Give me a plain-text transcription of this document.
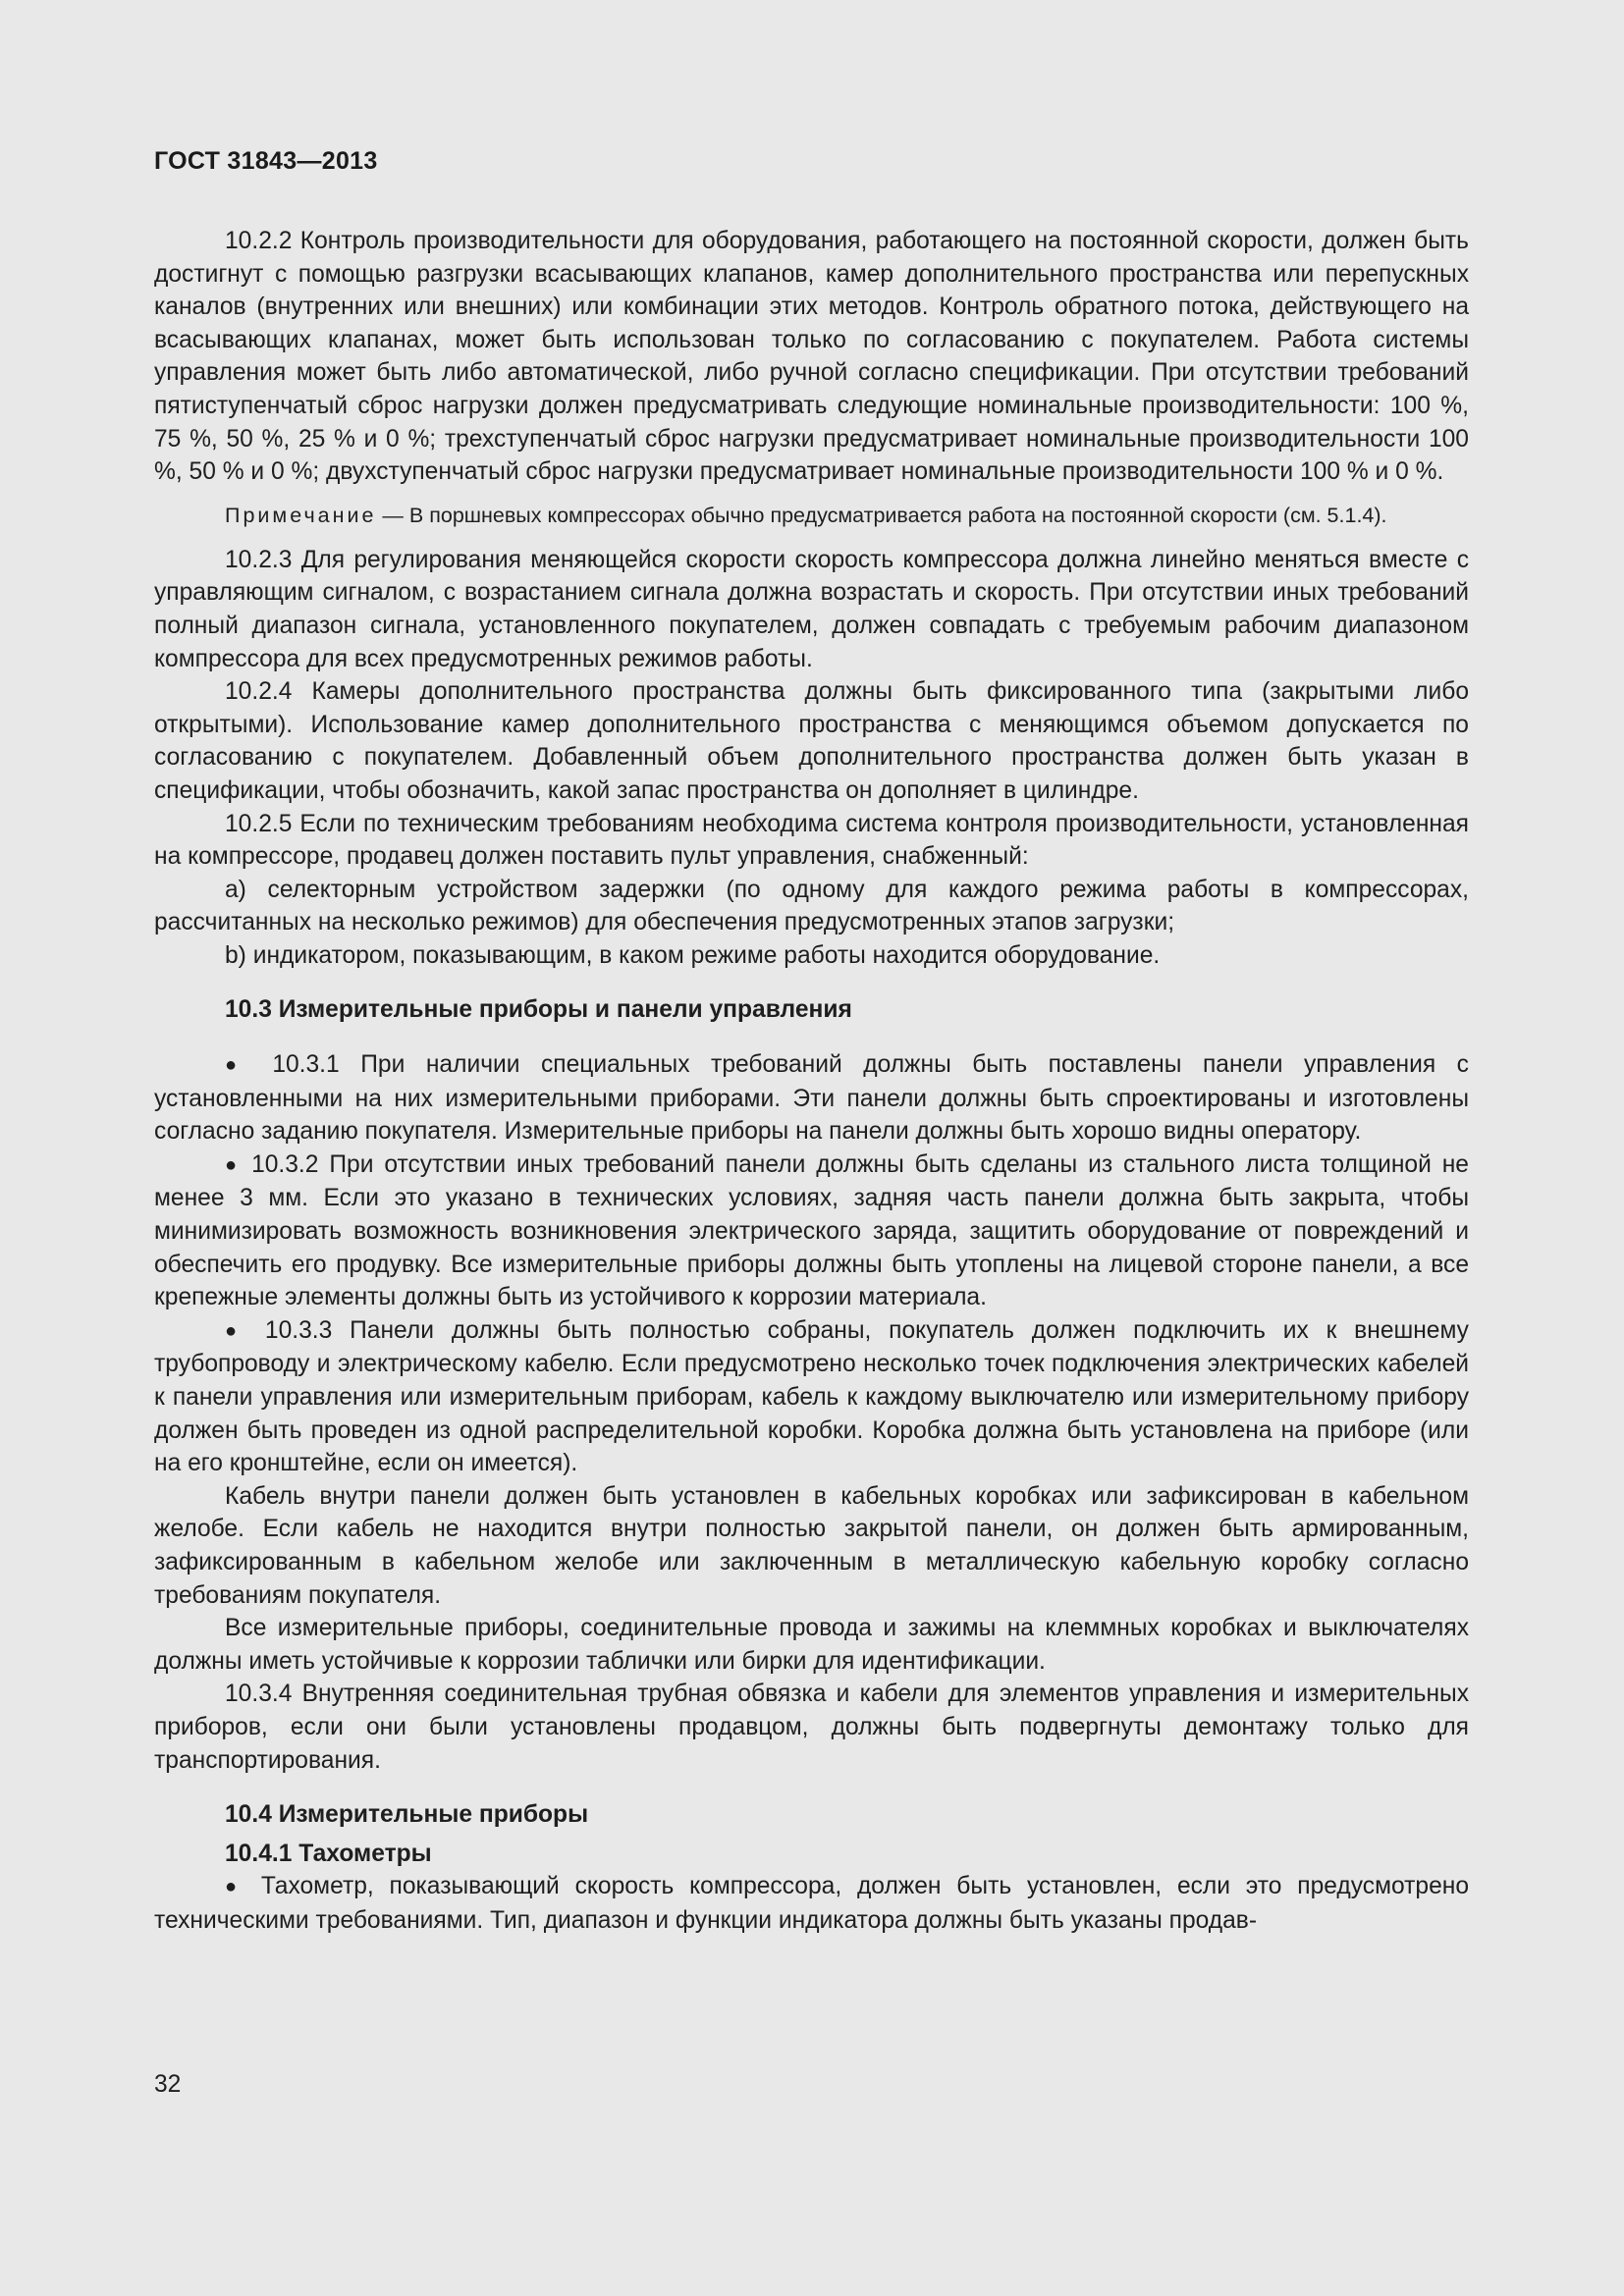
ГОСТ 31843—2013

10.2.2 Контроль производительности для оборудования, работающего на постоянной скорости, должен быть достигнут с помощью разгрузки всасывающих клапанов, камер дополнительного пространства или перепускных каналов (внутренних или внешних) или комбинации этих методов. Контроль обратного потока, действующего на всасывающих клапанах, может быть использован только по согласованию с покупателем. Работа системы управления может быть либо автоматической, либо ручной согласно спецификации. При отсутствии требований пятиступенчатый сброс нагрузки должен предусматривать следующие номинальные производительности: 100 %, 75 %, 50 %, 25 % и 0 %; трехступенчатый сброс нагрузки предусматривает номинальные производительности 100 %, 50 % и 0 %; двухступенчатый сброс нагрузки предусматривает номинальные производительности 100 % и 0 %.

Примечание — В поршневых компрессорах обычно предусматривается работа на постоянной скорости (см. 5.1.4).

10.2.3 Для регулирования меняющейся скорости скорость компрессора должна линейно меняться вместе с управляющим сигналом, с возрастанием сигнала должна возрастать и скорость. При отсутствии иных требований полный диапазон сигнала, установленного покупателем, должен совпадать с требуемым рабочим диапазоном компрессора для всех предусмотренных режимов работы.

10.2.4 Камеры дополнительного пространства должны быть фиксированного типа (закрытыми либо открытыми). Использование камер дополнительного пространства с меняющимся объемом допускается по согласованию с покупателем. Добавленный объем дополнительного пространства должен быть указан в спецификации, чтобы обозначить, какой запас пространства он дополняет в цилиндре.

10.2.5 Если по техническим требованиям необходима система контроля производительности, установленная на компрессоре, продавец должен поставить пульт управления, снабженный:

a) селекторным устройством задержки (по одному для каждого режима работы в компрессорах, рассчитанных на несколько режимов) для обеспечения предусмотренных этапов загрузки;

b) индикатором, показывающим, в каком режиме работы находится оборудование.

10.3 Измерительные приборы и панели управления

● 10.3.1 При наличии специальных требований должны быть поставлены панели управления с установленными на них измерительными приборами. Эти панели должны быть спроектированы и изготовлены согласно заданию покупателя. Измерительные приборы на панели должны быть хорошо видны оператору.

● 10.3.2 При отсутствии иных требований панели должны быть сделаны из стального листа толщиной не менее 3 мм. Если это указано в технических условиях, задняя часть панели должна быть закрыта, чтобы минимизировать возможность возникновения электрического заряда, защитить оборудование от повреждений и обеспечить его продувку. Все измерительные приборы должны быть утоплены на лицевой стороне панели, а все крепежные элементы должны быть из устойчивого к коррозии материала.

● 10.3.3 Панели должны быть полностью собраны, покупатель должен подключить их к внешнему трубопроводу и электрическому кабелю. Если предусмотрено несколько точек подключения электрических кабелей к панели управления или измерительным приборам, кабель к каждому выключателю или измерительному прибору должен быть проведен из одной распределительной коробки. Коробка должна быть установлена на приборе (или на его кронштейне, если он имеется).

Кабель внутри панели должен быть установлен в кабельных коробках или зафиксирован в кабельном желобе. Если кабель не находится внутри полностью закрытой панели, он должен быть армированным, зафиксированным в кабельном желобе или заключенным в металлическую кабельную коробку согласно требованиям покупателя.

Все измерительные приборы, соединительные провода и зажимы на клеммных коробках и выключателях должны иметь устойчивые к коррозии таблички или бирки для идентификации.

10.3.4 Внутренняя соединительная трубная обвязка и кабели для элементов управления и измерительных приборов, если они были установлены продавцом, должны быть подвергнуты демонтажу только для транспортирования.

10.4 Измерительные приборы
10.4.1 Тахометры

● Тахометр, показывающий скорость компрессора, должен быть установлен, если это предусмотрено техническими требованиями. Тип, диапазон и функции индикатора должны быть указаны продав-

32
